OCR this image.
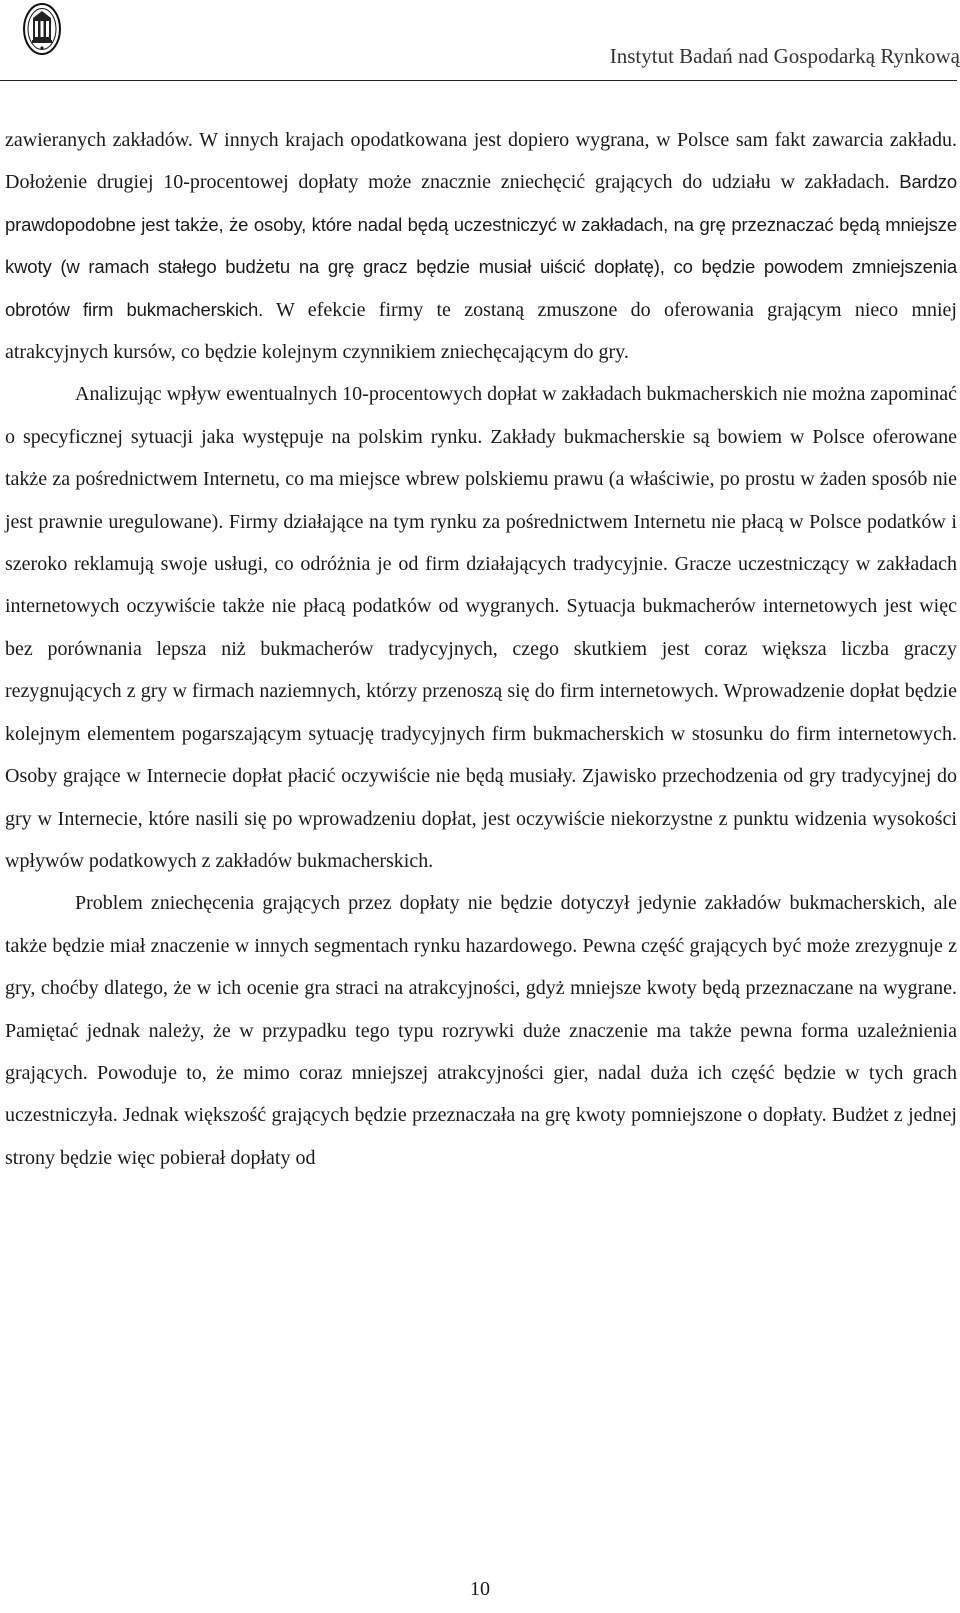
Instytut Badań nad Gospodarką Rynkową

zawieranych zakładów. W innych krajach opodatkowana jest dopiero wygrana, w Polsce sam fakt zawarcia zakładu. Dołożenie drugiej 10-procentowej dopłaty może znacznie zniechęcić grających do udziału w zakładach. Bardzo prawdopodobne jest także, że osoby, które nadal będą uczestniczyć w zakładach, na grę przeznaczać będą mniejsze kwoty (w ramach stałego budżetu na grę gracz będzie musiał uiścić dopłatę), co będzie powodem zmniejszenia obrotów firm bukmacherskich. W efekcie firmy te zostaną zmuszone do oferowania grającym nieco mniej atrakcyjnych kursów, co będzie kolejnym czynnikiem zniechęcającym do gry.

Analizując wpływ ewentualnych 10-procentowych dopłat w zakładach bukmacherskich nie można zapominać o specyficznej sytuacji jaka występuje na polskim rynku. Zakłady bukmacherskie są bowiem w Polsce oferowane także za pośrednictwem Internetu, co ma miejsce wbrew polskiemu prawu (a właściwie, po prostu w żaden sposób nie jest prawnie uregulowane). Firmy działające na tym rynku za pośrednictwem Internetu nie płacą w Polsce podatków i szeroko reklamują swoje usługi, co odróżnia je od firm działających tradycyjnie. Gracze uczestniczący w zakładach internetowych oczywiście także nie płacą podatków od wygranych. Sytuacja bukmacherów internetowych jest więc bez porównania lepsza niż bukmacherów tradycyjnych, czego skutkiem jest coraz większa liczba graczy rezygnujących z gry w firmach naziemnych, którzy przenoszą się do firm internetowych. Wprowadzenie dopłat będzie kolejnym elementem pogarszającym sytuację tradycyjnych firm bukmacherskich w stosunku do firm internetowych. Osoby grające w Internecie dopłat płacić oczywiście nie będą musiały. Zjawisko przechodzenia od gry tradycyjnej do gry w Internecie, które nasili się po wprowadzeniu dopłat, jest oczywiście niekorzystne z punktu widzenia wysokości wpływów podatkowych z zakładów bukmacherskich.

Problem zniechęcenia grających przez dopłaty nie będzie dotyczył jedynie zakładów bukmacherskich, ale także będzie miał znaczenie w innych segmentach rynku hazardowego. Pewna część grających być może zrezygnuje z gry, choćby dlatego, że w ich ocenie gra straci na atrakcyjności, gdyż mniejsze kwoty będą przeznaczane na wygrane. Pamiętać jednak należy, że w przypadku tego typu rozrywki duże znaczenie ma także pewna forma uzależnienia grających. Powoduje to, że mimo coraz mniejszej atrakcyjności gier, nadal duża ich część będzie w tych grach uczestniczyła. Jednak większość grających będzie przeznaczała na grę kwoty pomniejszone o dopłaty. Budżet z jednej strony będzie więc pobierał dopłaty od

10
